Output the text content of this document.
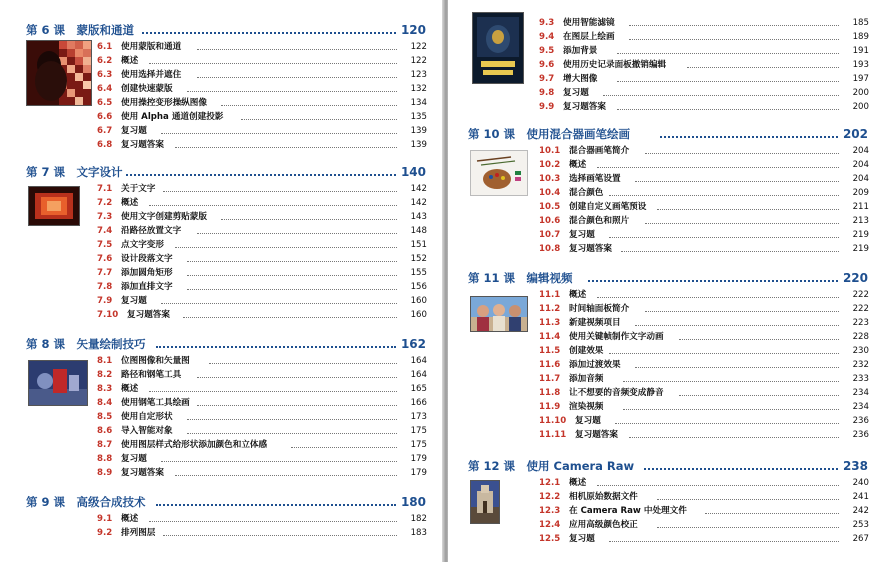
第 6 课　蒙版和通道	120
6.1 使用蒙版和通道	122
6.2 概述	122
6.3 使用选择并遮住	123
6.4 创建快速蒙版	132
6.5 使用操控变形操纵图像	134
6.6 使用 Alpha 通道创建投影	135
6.7 复习题	139
6.8 复习题答案	139
第 7 课　文字设计	140
7.1 关于文字	142
7.2 概述	142
7.3 使用文字创建剪贴蒙版	143
7.4 沿路径放置文字	148
7.5 点文字变形	151
7.6 设计段落文字	152
7.7 添加圆角矩形	155
7.8 添加直排文字	156
7.9 复习题	160
7.10 复习题答案	160
第 8 课　矢量绘制技巧	162
8.1 位图图像和矢量图	164
8.2 路径和钢笔工具	164
8.3 概述	165
8.4 使用钢笔工具绘画	166
8.5 使用自定形状	173
8.6 导入智能对象	175
8.7 使用图层样式给形状添加颜色和立体感	175
8.8 复习题	179
8.9 复习题答案	179
第 9 课　高级合成技术	180
9.1 概述	182
9.2 排列图层	183
9.3 使用智能滤镜	185
9.4 在图层上绘画	189
9.5 添加背景	191
9.6 使用历史记录面板撤销编辑	193
9.7 增大图像	197
9.8 复习题	200
9.9 复习题答案	200
第 10 课　使用混合器画笔绘画	202
10.1 混合器画笔简介	204
10.2 概述	204
10.3 选择画笔设置	204
10.4 混合颜色	209
10.5 创建自定义画笔预设	211
10.6 混合颜色和照片	213
10.7 复习题	219
10.8 复习题答案	219
第 11 课　编辑视频	220
11.1 概述	222
11.2 时间轴面板简介	222
11.3 新建视频项目	223
11.4 使用关键帧制作文字动画	228
11.5 创建效果	230
11.6 添加过渡效果	232
11.7 添加音频	233
11.8 让不想要的音频变成静音	234
11.9 渲染视频	234
11.10 复习题	236
11.11 复习题答案	236
第 12 课　使用 Camera Raw	238
12.1 概述	240
12.2 相机原始数据文件	241
12.3 在 Camera Raw 中处理文件	242
12.4 应用高级颜色校正	253
12.5 复习题	267
